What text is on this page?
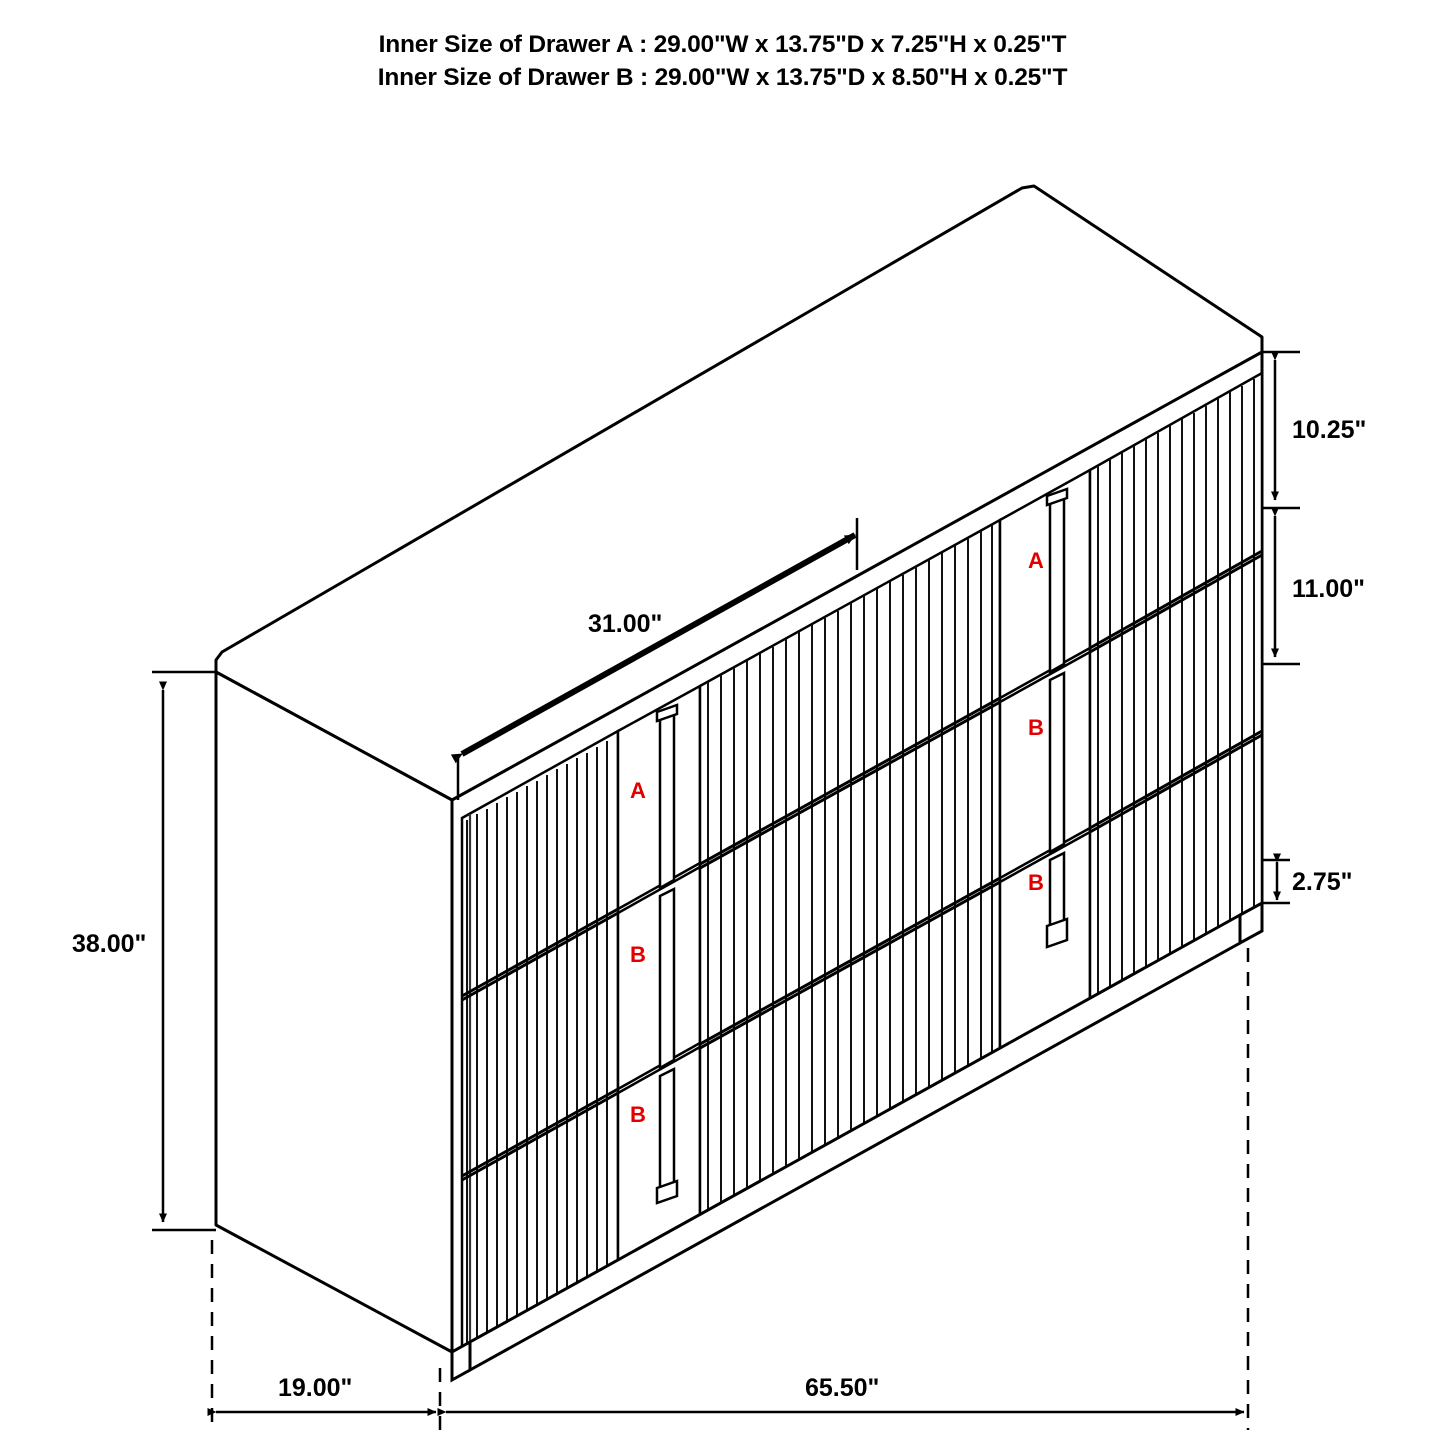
Inner Size of Drawer A : 29.00"W x 13.75"D x 7.25"H x 0.25"T
Inner Size of Drawer B : 29.00"W x 13.75"D x 8.50"H x 0.25"T
A
B
B
A
B
B
31.00"
38.00"
10.25"
11.00"
2.75"
19.00"	65.50"
